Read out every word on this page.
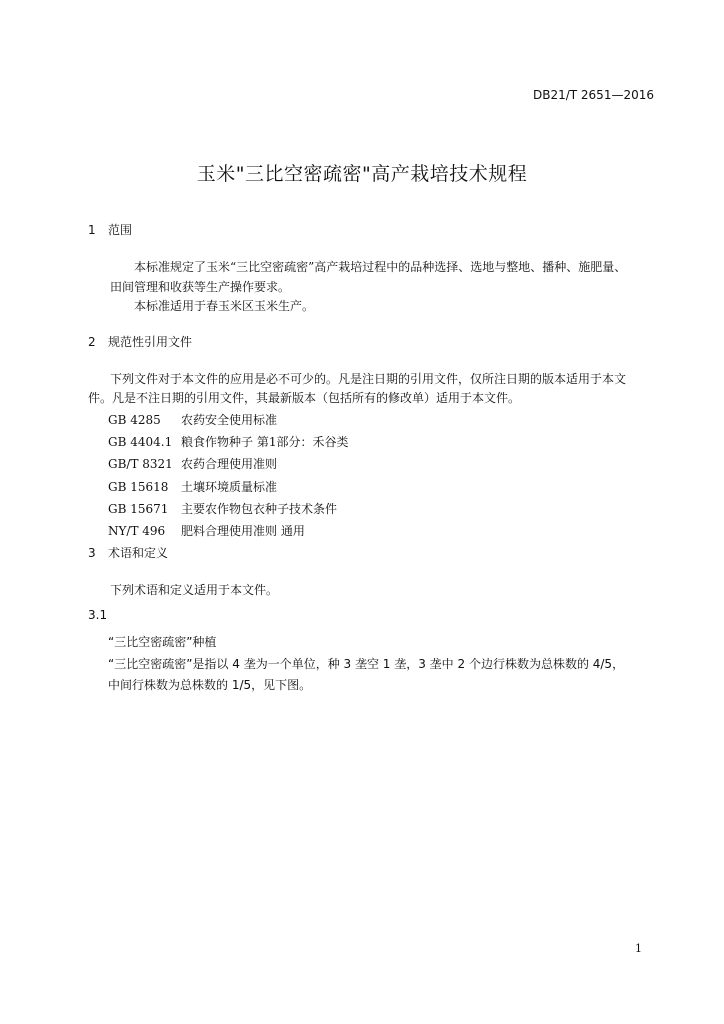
DB21/T 2651—2016
玉米"三比空密疏密"高产栽培技术规程
1 范围
本标准规定了玉米“三比空密疏密”高产栽培过程中的品种选择、选地与整地、播种、施肥量、
田间管理和收获等生产操作要求。
本标准适用于春玉米区玉米生产。
2 规范性引用文件
下列文件对于本文件的应用是必不可少的。凡是注日期的引用文件，仅所注日期的版本适用于本文
件。凡是不注日期的引用文件，其最新版本（包括所有的修改单）适用于本文件。
GB 4285 农药安全使用标准
GB 4404.1 粮食作物种子 第1部分：禾谷类
GB/T 8321 农药合理使用准则
GB 15618 土壤环境质量标准
GB 15671 主要农作物包衣种子技术条件
NY/T 496 肥料合理使用准则 通用
3 术语和定义
下列术语和定义适用于本文件。
3.1
“三比空密疏密”种植
“三比空密疏密”是指以 4 垄为一个单位，种 3 垄空 1 垄，3 垄中 2 个边行株数为总株数的 4/5，
中间行株数为总株数的 1/5，见下图。
1
